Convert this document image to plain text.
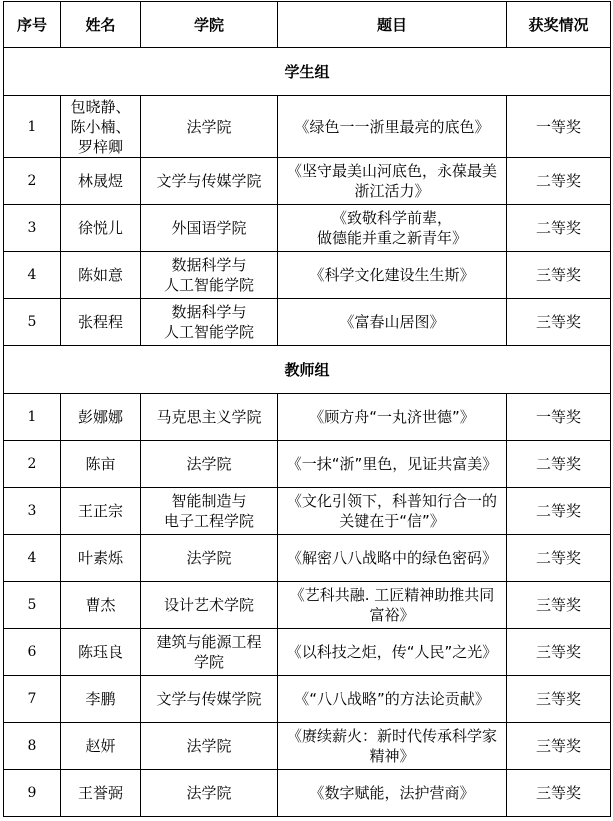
序号	姓名	学院	题目	获奖情况
学生组				
1	包晓静、
陈小楠、
罗梓卿	法学院	《绿色一一浙里最亮的底色》	一等奖
2	林晟煜	文学与传媒学院	《坚守最美山河底色，永葆最美
浙江活力》	二等奖
3	徐悦儿	外国语学院	《致敬科学前辈，
做德能并重之新青年》	二等奖
4	陈如意	数据科学与
人工智能学院	《科学文化建设生生斯》	三等奖
5	张程程	数据科学与
人工智能学院	《富春山居图》	三等奖
教师组				
1	彭娜娜	马克思主义学院	《顾方舟“一丸济世德”》	一等奖
2	陈亩	法学院	《一抹“浙”里色，见证共富美》	二等奖
3	王正宗	智能制造与
电子工程学院	《文化引领下，科普知行合一的
关键在于“信”》	二等奖
4	叶素烁	法学院	《解密八八战略中的绿色密码》	二等奖
5	曹杰	设计艺术学院	《艺科共融. 工匠精神助推共同
富裕》	三等奖
6	陈珏良	建筑与能源工程
学院	《以科技之炬，传“人民”之光》	三等奖
7	李鹏	文学与传媒学院	《“八八战略”的方法论贡献》	三等奖
8	赵妍	法学院	《赓续薪火：新时代传承科学家
精神》	三等奖
9	王誉弼	法学院	《数字赋能，法护营商》	三等奖
